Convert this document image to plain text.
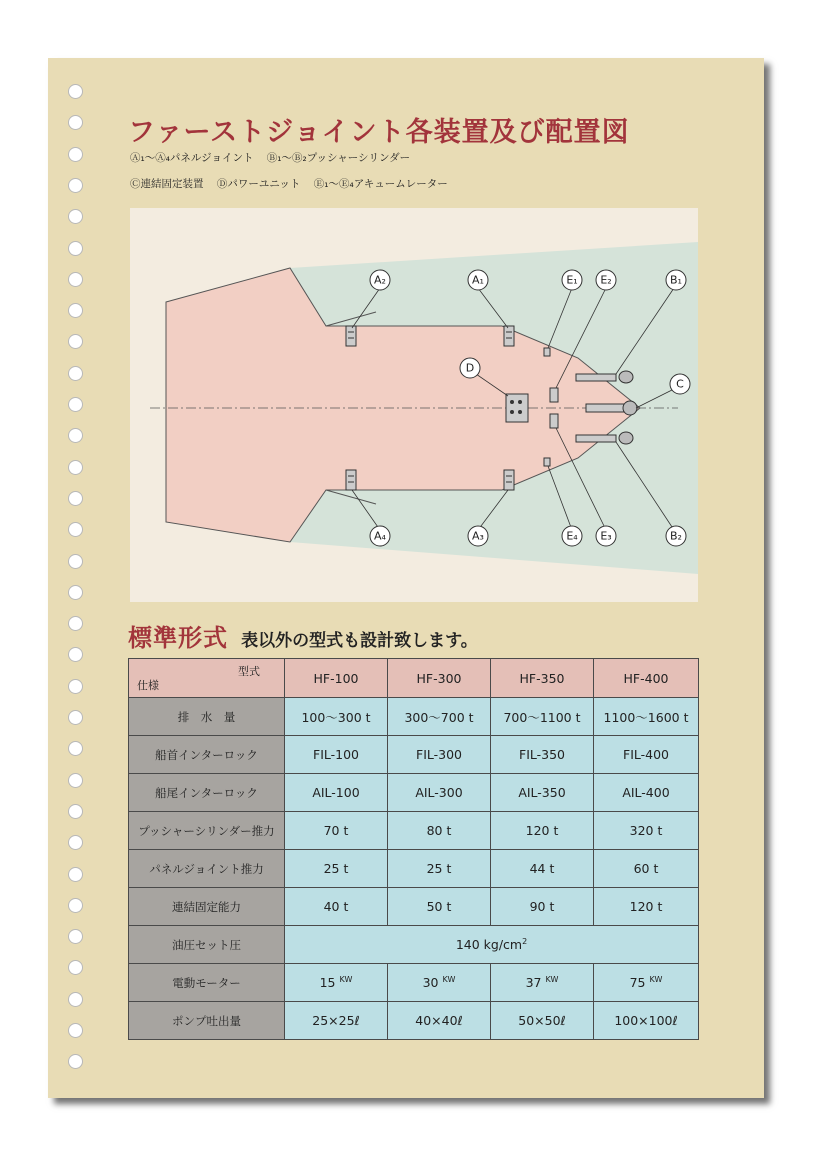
ファーストジョイント各装置及び配置図
Ⓐ₁～Ⓐ₄パネルジョイント Ⓑ₁～Ⓑ₂プッシャーシリンダー
Ⓒ連結固定装置 Ⓓパワーユニット Ⓔ₁～Ⓔ₄アキュームレーター
A₂	A₁	E₁ E₂	B₁
C
D
A₄	A₃	E₄ E₃	B₂
標準形式 表以外の型式も設計致します。
型式
仕様	HF-100	HF-300	HF-350	HF-400
排　水　量	100～300 t	300～700 t	700～1100 t	1100～1600 t
船首インターロック	FIL-100	FIL-300	FIL-350	FIL-400
船尾インターロック	AIL-100	AIL-300	AIL-350	AIL-400
プッシャーシリンダー推力	70 t	80 t	120 t	320 t
パネルジョイント推力	25 t	25 t	44 t	60 t
連結固定能力	40 t	50 t	90 t	120 t
油圧セット圧	140 $kg/cm^2$
電動モーター	15 $^{KW}$	30 $^{KW}$	37 $^{KW}$	75 $^{KW}$
ポンプ吐出量	25×25ℓ	40×40ℓ	50×50ℓ	100×100ℓ
